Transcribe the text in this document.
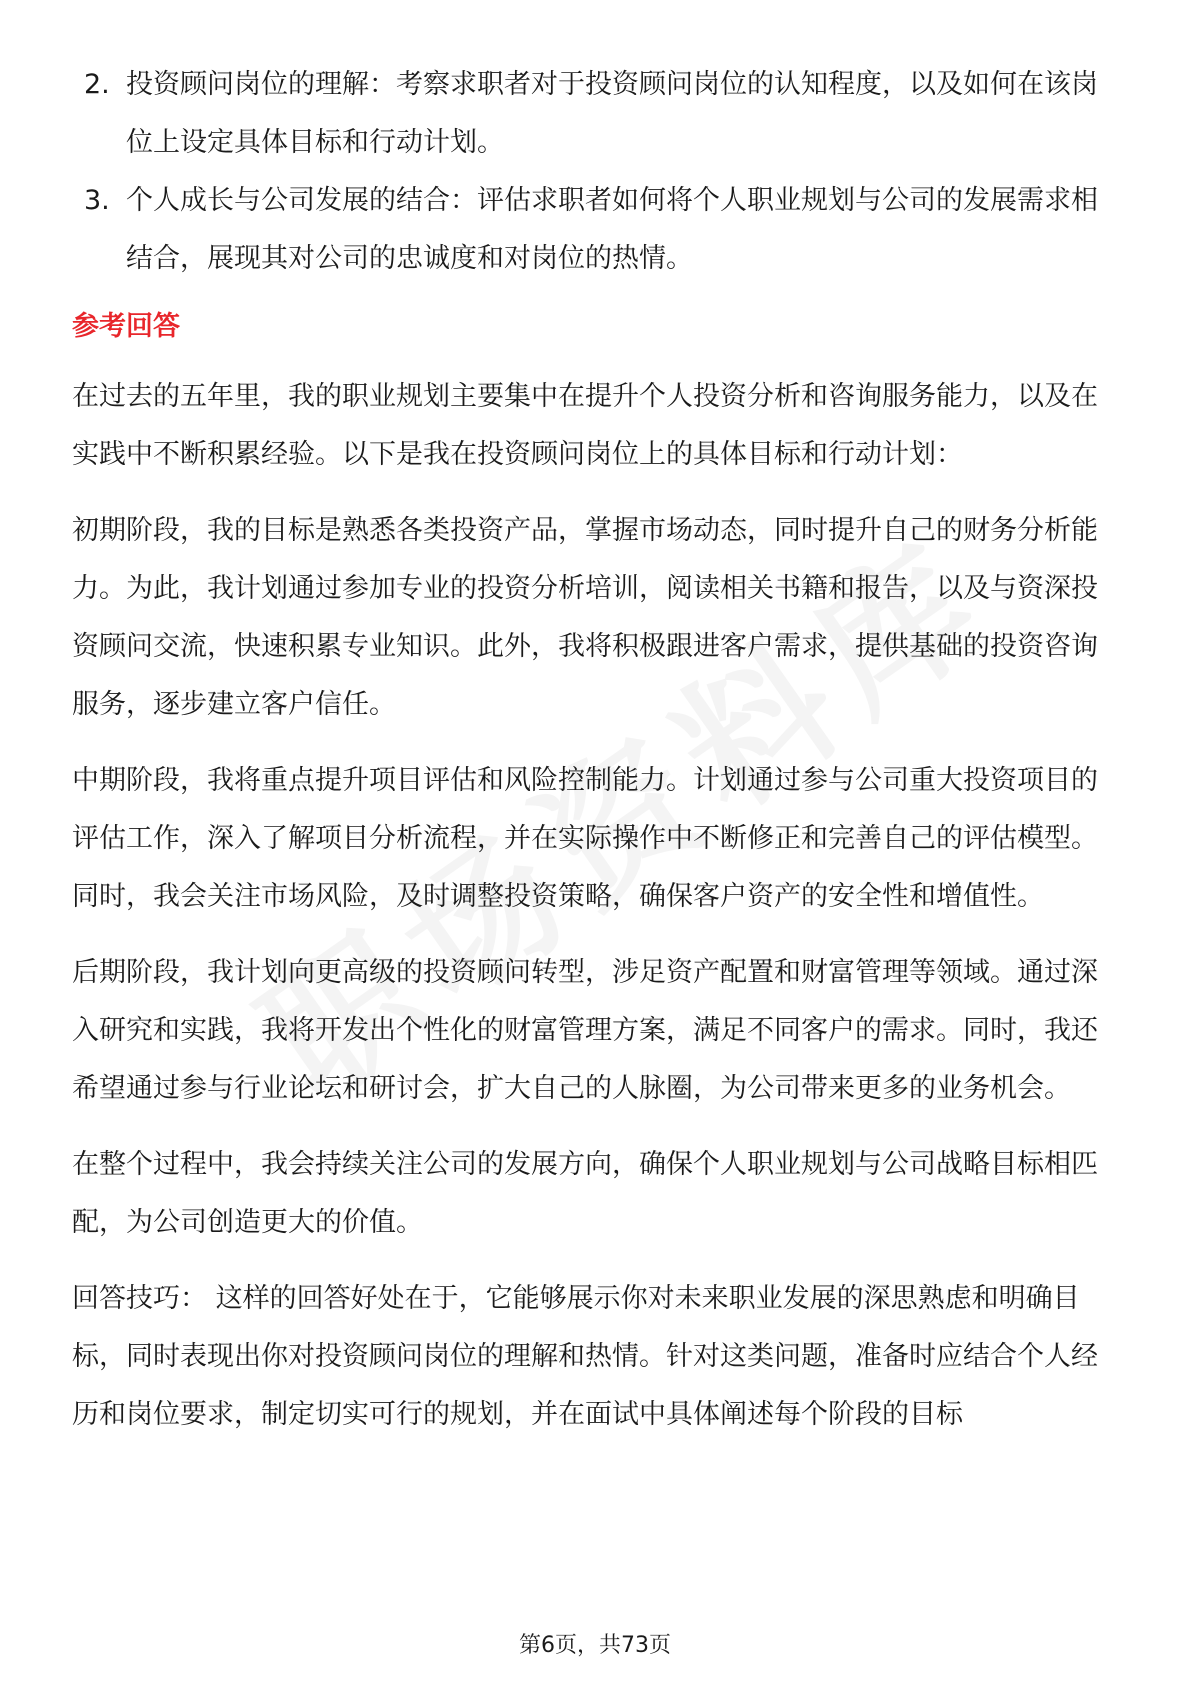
2. 投资顾问岗位的理解：考察求职者对于投资顾问岗位的认知程度，以及如何在该岗位上设定具体目标和行动计划。
3. 个人成长与公司发展的结合：评估求职者如何将个人职业规划与公司的发展需求相结合，展现其对公司的忠诚度和对岗位的热情。
参考回答

在过去的五年里，我的职业规划主要集中在提升个人投资分析和咨询服务能力，以及在实践中不断积累经验。以下是我在投资顾问岗位上的具体目标和行动计划：

初期阶段，我的目标是熟悉各类投资产品，掌握市场动态，同时提升自己的财务分析能力。为此，我计划通过参加专业的投资分析培训，阅读相关书籍和报告，以及与资深投资顾问交流，快速积累专业知识。此外，我将积极跟进客户需求，提供基础的投资咨询服务，逐步建立客户信任。

中期阶段，我将重点提升项目评估和风险控制能力。计划通过参与公司重大投资项目的评估工作，深入了解项目分析流程，并在实际操作中不断修正和完善自己的评估模型。同时，我会关注市场风险，及时调整投资策略，确保客户资产的安全性和增值性。

后期阶段，我计划向更高级的投资顾问转型，涉足资产配置和财富管理等领域。通过深入研究和实践，我将开发出个性化的财富管理方案，满足不同客户的需求。同时，我还希望通过参与行业论坛和研讨会，扩大自己的人脉圈，为公司带来更多的业务机会。

在整个过程中，我会持续关注公司的发展方向，确保个人职业规划与公司战略目标相匹配，为公司创造更大的价值。

回答技巧： 这样的回答好处在于，它能够展示你对未来职业发展的深思熟虑和明确目标，同时表现出你对投资顾问岗位的理解和热情。针对这类问题，准备时应结合个人经历和岗位要求，制定切实可行的规划，并在面试中具体阐述每个阶段的目标

第6页，共73页
